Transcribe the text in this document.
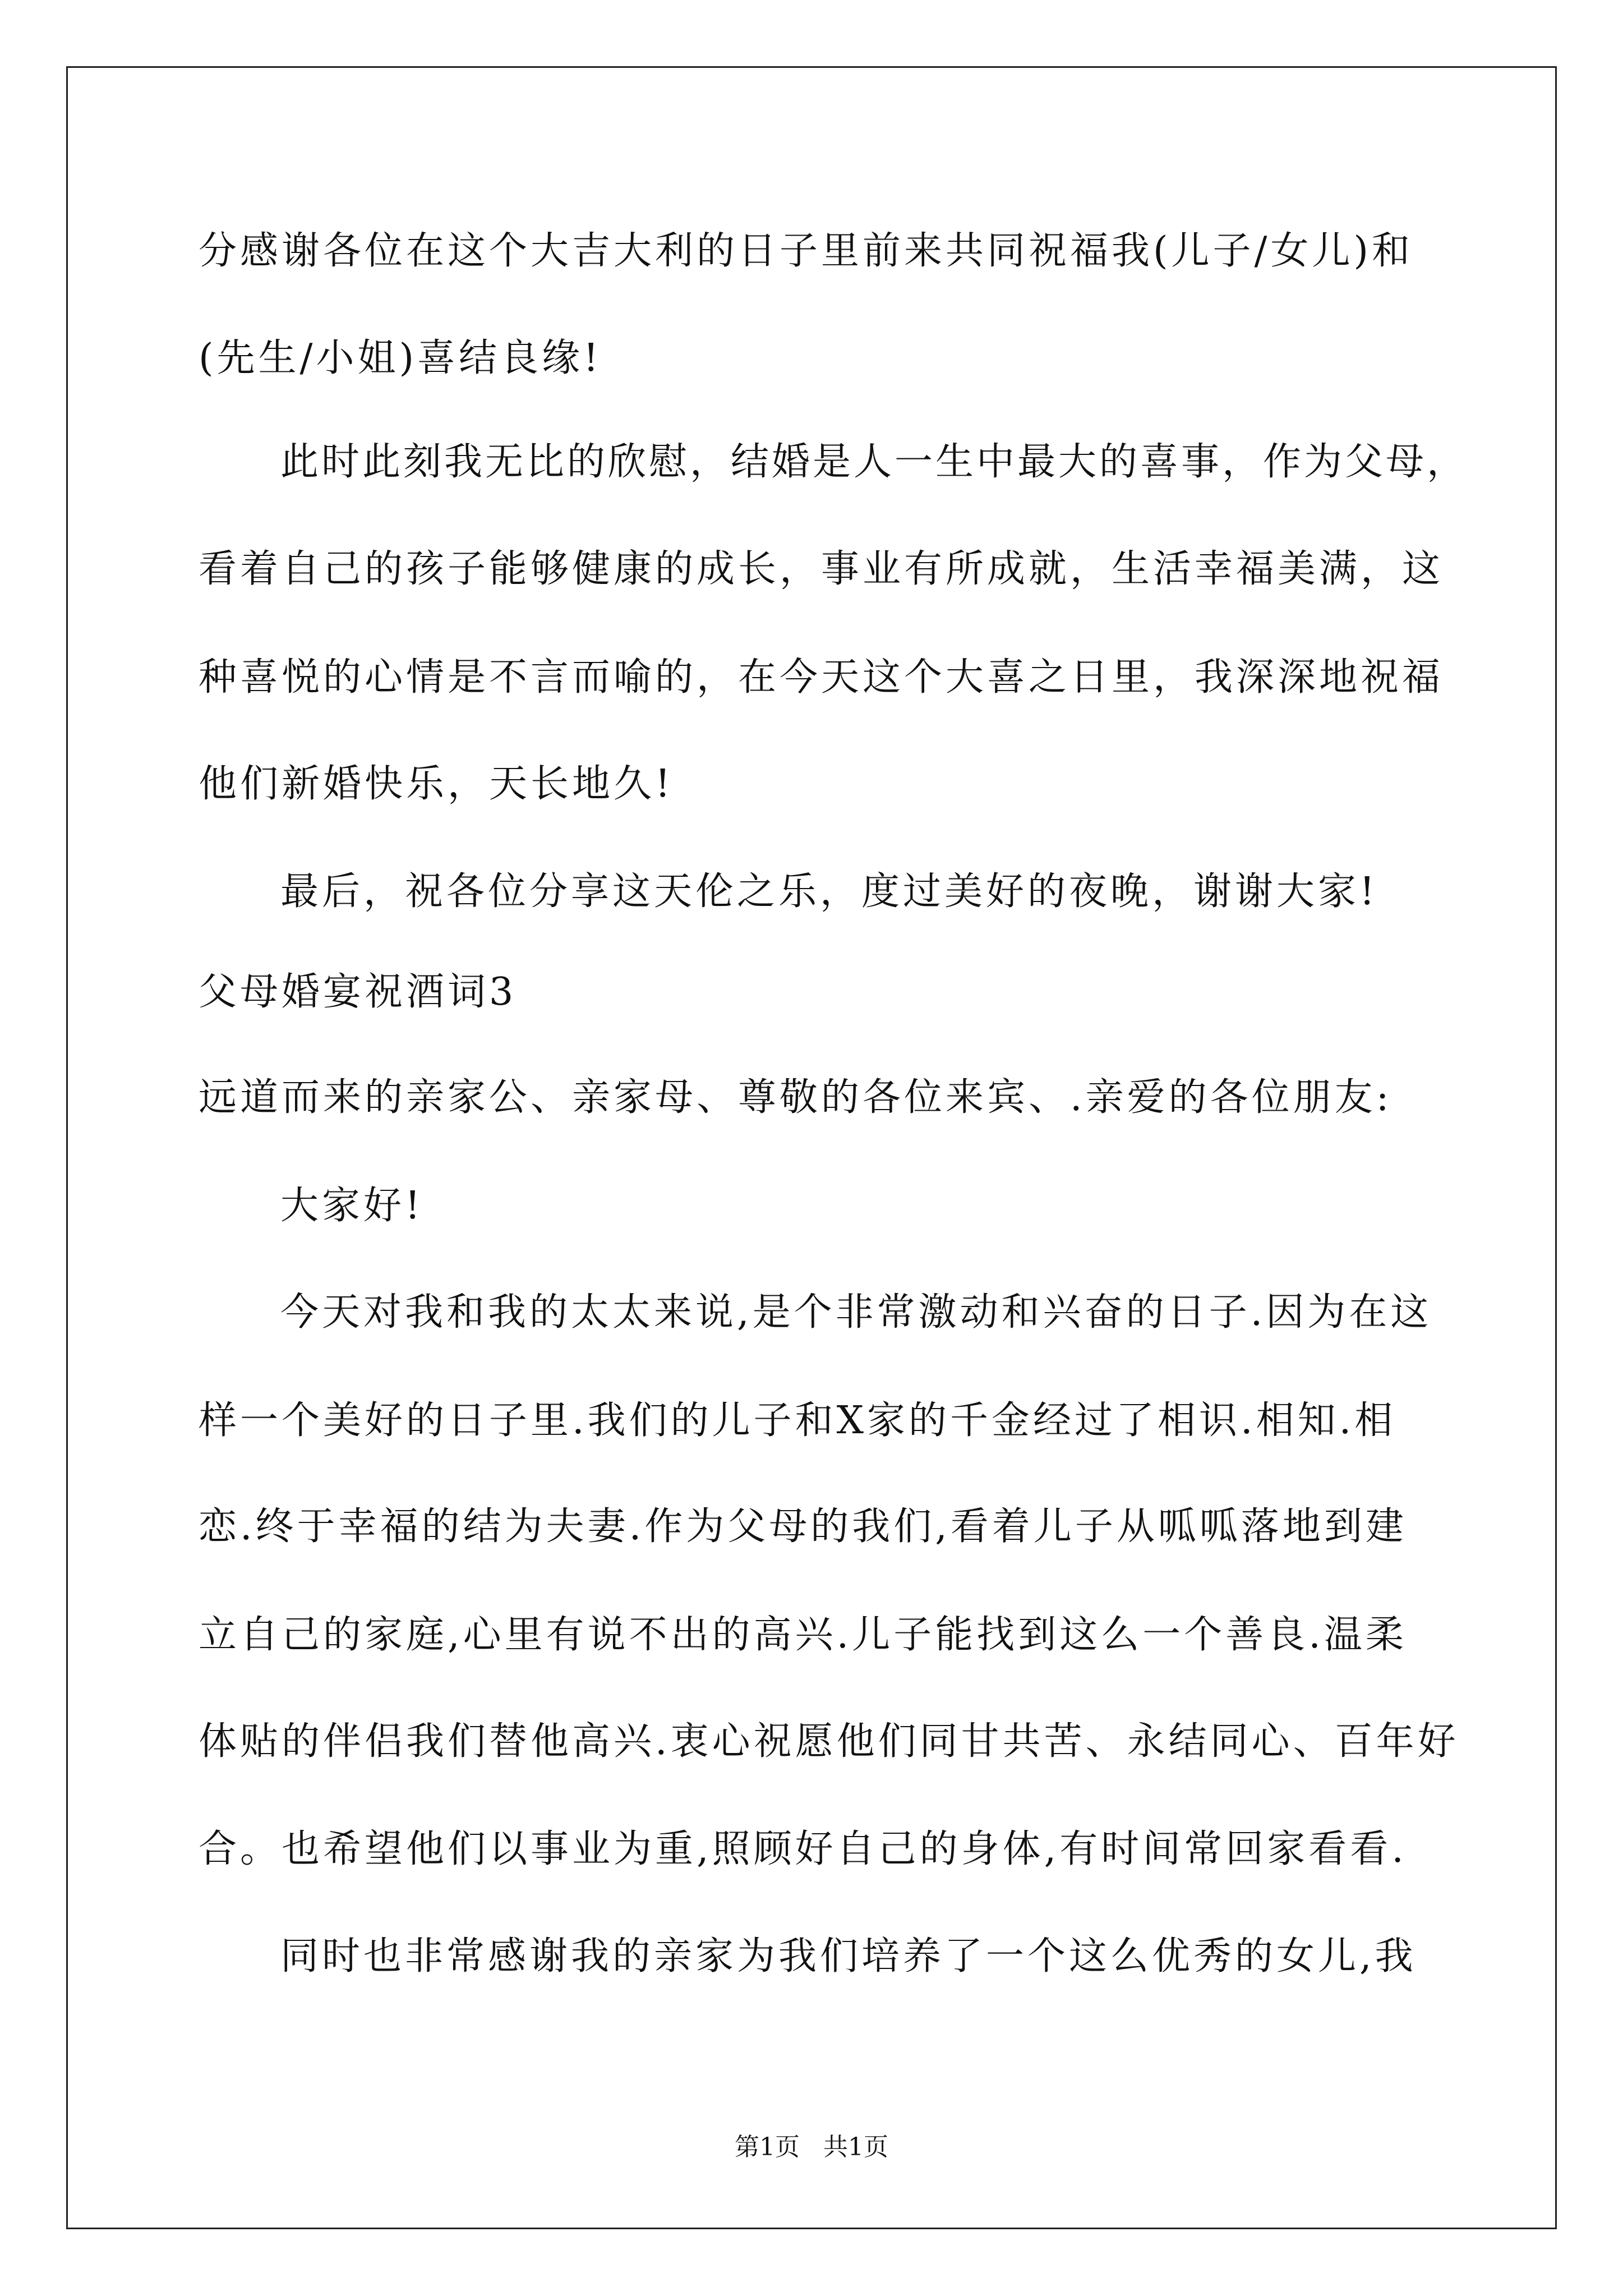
分感谢各位在这个大吉大利的日子里前来共同祝福我(儿子/女儿)和
(先生/小姐)喜结良缘!
此时此刻我无比的欣慰，结婚是人一生中最大的喜事，作为父母，
看着自己的孩子能够健康的成长，事业有所成就，生活幸福美满，这
种喜悦的心情是不言而喻的，在今天这个大喜之日里，我深深地祝福
他们新婚快乐，天长地久!
最后，祝各位分享这天伦之乐，度过美好的夜晚，谢谢大家!
父母婚宴祝酒词3
远道而来的亲家公、亲家母、尊敬的各位来宾、.亲爱的各位朋友:
大家好!
今天对我和我的太太来说,是个非常激动和兴奋的日子.因为在这
样一个美好的日子里.我们的儿子和X家的千金经过了相识.相知.相
恋.终于幸福的结为夫妻.作为父母的我们,看着儿子从呱呱落地到建
立自己的家庭,心里有说不出的高兴.儿子能找到这么一个善良.温柔
体贴的伴侣我们替他高兴.衷心祝愿他们同甘共苦、永结同心、百年好
合。也希望他们以事业为重,照顾好自己的身体,有时间常回家看看.
同时也非常感谢我的亲家为我们培养了一个这么优秀的女儿,我
第1页   共1页
